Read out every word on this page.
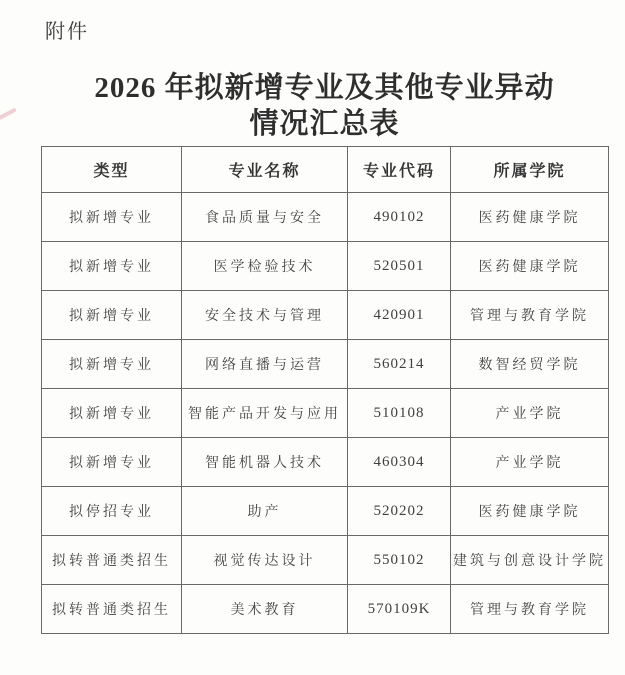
附件
2026 年拟新增专业及其他专业异动
情况汇总表
类型	专业名称	专业代码	所属学院
拟新增专业	食品质量与安全	490102	医药健康学院
拟新增专业	医学检验技术	520501	医药健康学院
拟新增专业	安全技术与管理	420901	管理与教育学院
拟新增专业	网络直播与运营	560214	数智经贸学院
拟新增专业	智能产品开发与应用	510108	产业学院
拟新增专业	智能机器人技术	460304	产业学院
拟停招专业	助产	520202	医药健康学院
拟转普通类招生	视觉传达设计	550102	建筑与创意设计学院
拟转普通类招生	美术教育	570109K	管理与教育学院
